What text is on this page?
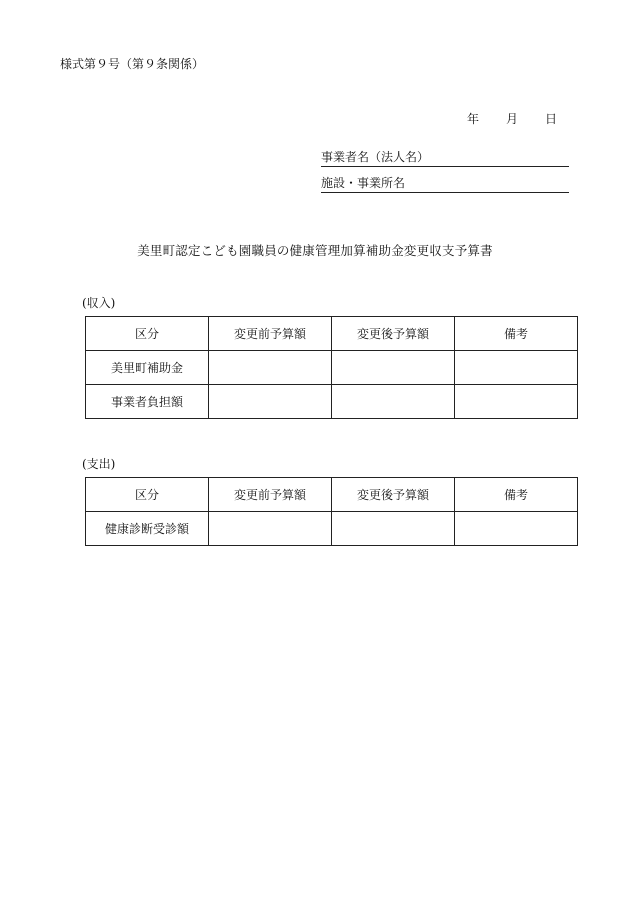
様式第９号（第９条関係）
年 月 日
事業者名（法人名）
施設・事業所名
美里町認定こども園職員の健康管理加算補助金変更収支予算書
(収入)
区分	変更前予算額	変更後予算額	備考
美里町補助金			
事業者負担額			
(支出)
区分	変更前予算額	変更後予算額	備考
健康診断受診額			
